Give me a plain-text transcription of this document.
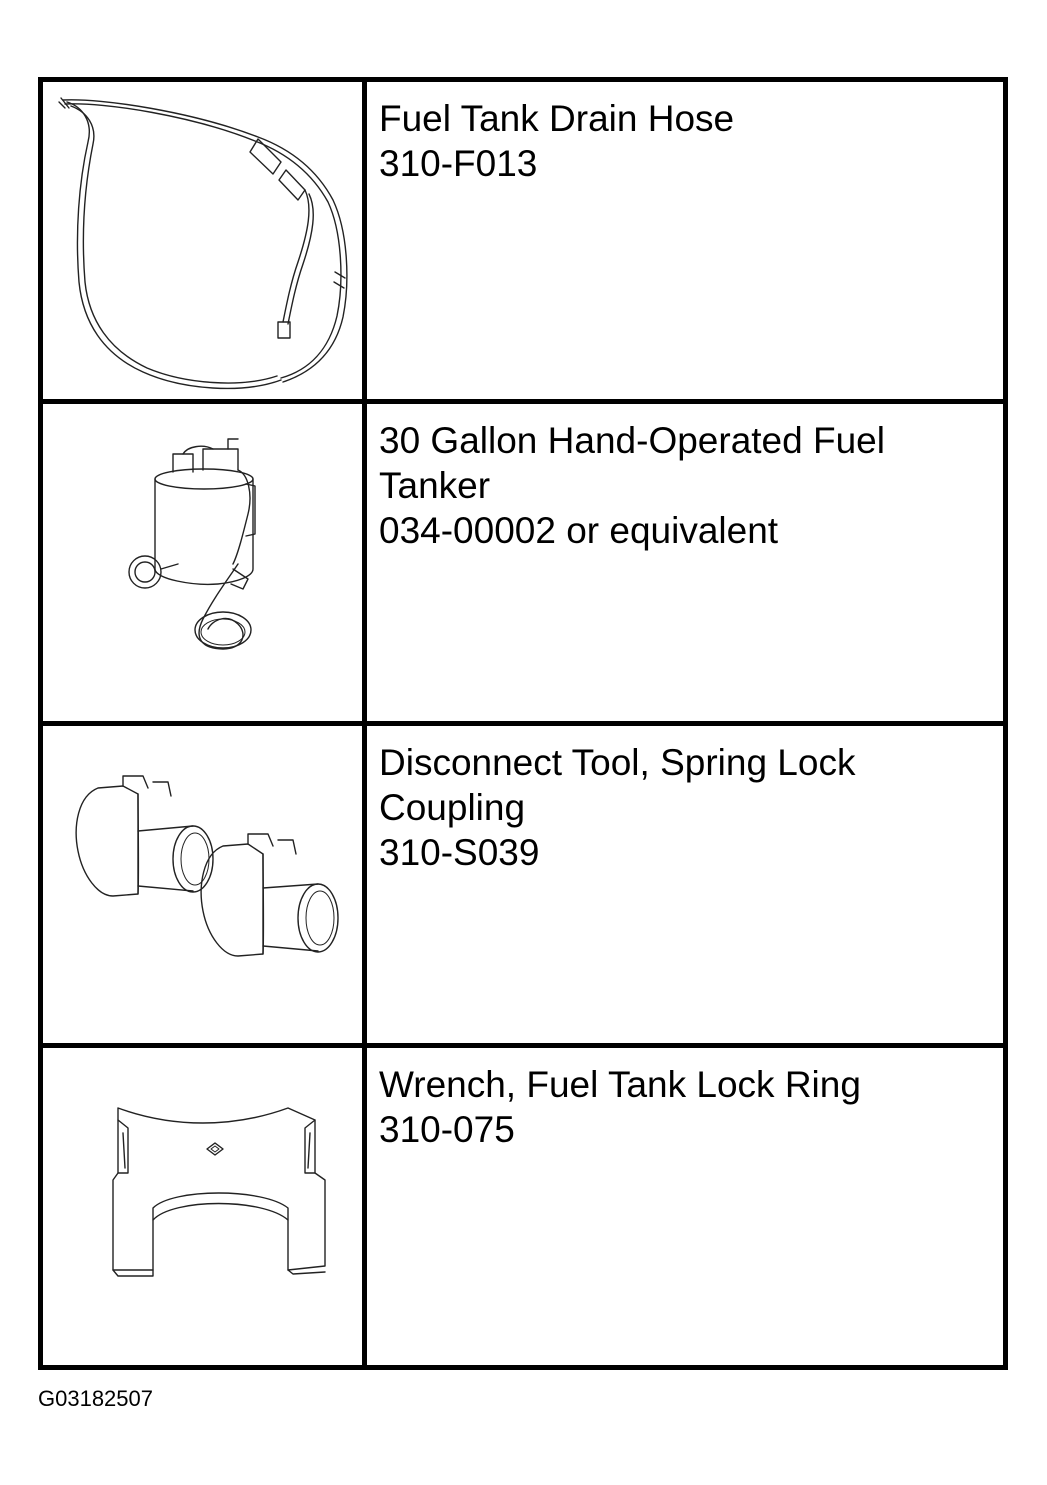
Fuel Tank Drain Hose
310-F013

30 Gallon Hand-Operated Fuel
Tanker
034-00002 or equivalent

Disconnect Tool, Spring Lock
Coupling
310-S039

Wrench, Fuel Tank Lock Ring
310-075
G03182507
